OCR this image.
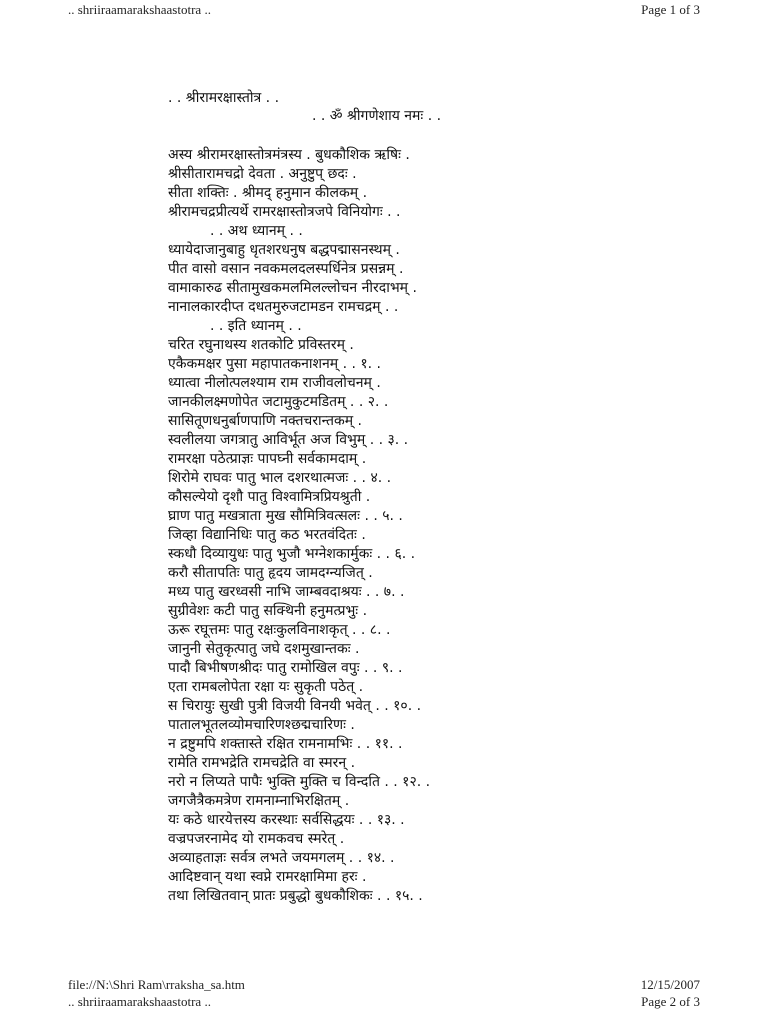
.. shriiraamarakshaastotra ..	Page 1 of 3
. . श्रीरामरक्षास्तोत्र . .
. . ॐ श्रीगणेशाय नमः . .
अस्य श्रीरामरक्षास्तोत्रमंत्रस्य . बुधकौशिक ऋषिः .
श्रीसीतारामचद्रो देवता . अनुष्टुप् छदः .
सीता शक्तिः . श्रीमद् हनुमान कीलकम् .
श्रीरामचद्रप्रीत्यर्थे रामरक्षास्तोत्रजपे विनियोगः . .
. . अथ ध्यानम् . .
ध्यायेदाजानुबाहु धृतशरधनुष बद्धपद्मासनस्थम् .
पीत वासो वसान नवकमलदलस्पर्धिनेत्र प्रसन्नम् .
वामाकारुढ सीतामुखकमलमिलल्लोचन नीरदाभम् .
नानालकारदीप्त दधतमुरुजटामडन रामचद्रम् . .
. . इति ध्यानम् . .
चरित रघुनाथस्य शतकोटि प्रविस्तरम् .
एकैकमक्षर पुसा महापातकनाशनम् . . १. .
ध्यात्वा नीलोत्पलश्याम राम राजीवलोचनम् .
जानकीलक्ष्मणोपेत जटामुकुटमडितम् . . २. .
सासितूणधनुर्बाणपाणि नक्तचरान्तकम् .
स्वलीलया जगत्रातु आविर्भूत अज विभुम् . . ३. .
रामरक्षा पठेत्प्राज्ञः पापघ्नी सर्वकामदाम् .
शिरोमे राघवः पातु भाल दशरथात्मजः . . ४. .
कौसल्येयो दृशौ पातु विश्वामित्रप्रियश्रुती .
घ्राण पातु मखत्राता मुख सौमित्रिवत्सलः . . ५. .
जिव्हा विद्यानिधिः पातु कठ भरतवंदितः .
स्कधौ दिव्यायुधः पातु भुजौ भग्नेशकार्मुकः . . ६. .
करौ सीतापतिः पातु हृदय जामदग्न्यजित् .
मध्य पातु खरध्वसी नाभि जाम्बवदाश्रयः . . ७. .
सुग्रीवेशः कटी पातु सक्थिनी हनुमत्प्रभुः .
ऊरू रघूत्तमः पातु रक्षःकुलविनाशकृत् . . ८. .
जानुनी सेतुकृत्पातु जघे दशमुखान्तकः .
पादौ बिभीषणश्रीदः पातु रामोखिल वपुः . . ९. .
एता रामबलोपेता रक्षा यः सुकृती पठेत् .
स चिरायुः सुखी पुत्री विजयी विनयी भवेत् . . १०. .
पातालभूतलव्योमचारिणश्छद्मचारिणः .
न द्रष्टुमपि शक्तास्ते रक्षित रामनामभिः . . ११. .
रामेति रामभद्रेति रामचद्रेति वा स्मरन् .
नरो न लिप्यते पापैः भुक्ति मुक्ति च विन्दति . . १२. .
जगजैत्रैकमत्रेण रामनाम्नाभिरक्षितम् .
यः कठे धारयेत्तस्य करस्थाः सर्वसिद्धयः . . १३. .
वज्रपजरनामेद यो रामकवच स्मरेत् .
अव्याहताज्ञः सर्वत्र लभते जयमगलम् . . १४. .
आदिष्टवान् यथा स्वप्ने रामरक्षामिमा हरः .
तथा लिखितवान् प्रातः प्रबुद्धो बुधकौशिकः . . १५. .
file://N:\Shri Ram\rraksha_sa.htm	12/15/2007
.. shriiraamarakshaastotra ..	Page 2 of 3
